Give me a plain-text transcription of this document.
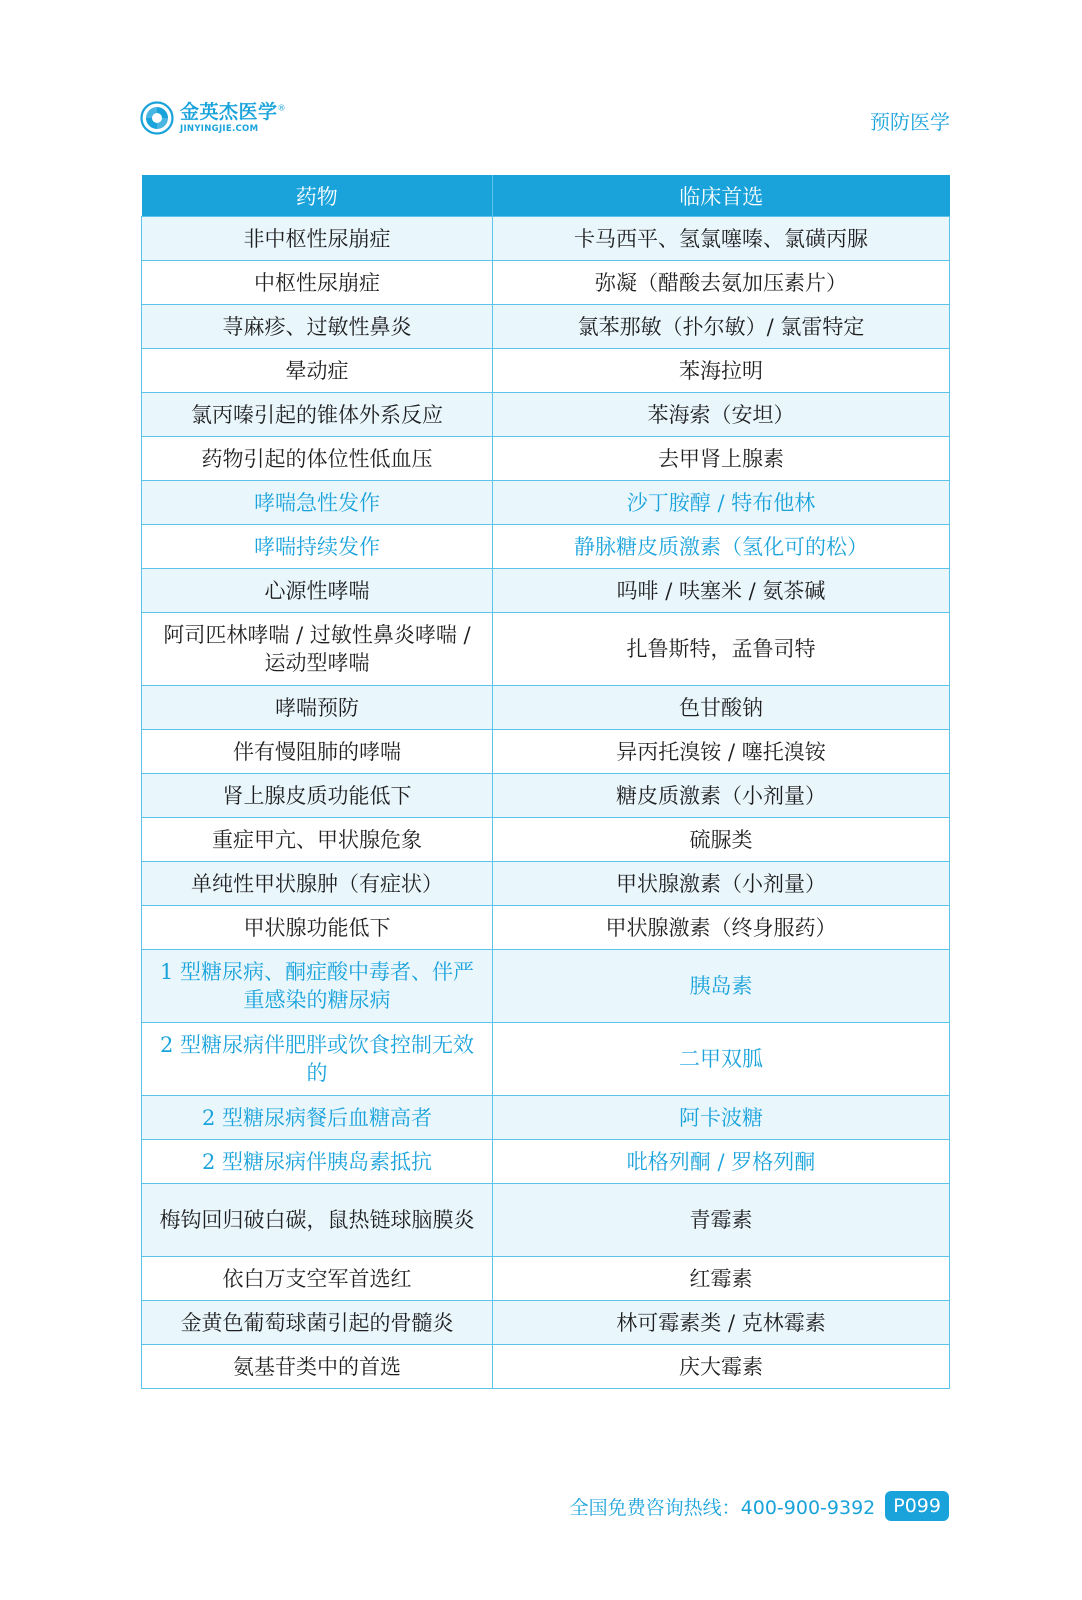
金英杰医学®
JINYINGJIE.COM	预防医学
药物	临床首选
非中枢性尿崩症	卡马西平、氢氯噻嗪、氯磺丙脲
中枢性尿崩症	弥凝（醋酸去氨加压素片）
荨麻疹、过敏性鼻炎	氯苯那敏（扑尔敏）/ 氯雷特定
晕动症	苯海拉明
氯丙嗪引起的锥体外系反应	苯海索（安坦）
药物引起的体位性低血压	去甲肾上腺素
哮喘急性发作	沙丁胺醇 / 特布他林
哮喘持续发作	静脉糖皮质激素（氢化可的松）
心源性哮喘	吗啡 / 呋塞米 / 氨茶碱
阿司匹林哮喘 / 过敏性鼻炎哮喘 / 运动型哮喘	扎鲁斯特，孟鲁司特
哮喘预防	色甘酸钠
伴有慢阻肺的哮喘	异丙托溴铵 / 噻托溴铵
肾上腺皮质功能低下	糖皮质激素（小剂量）
重症甲亢、甲状腺危象	硫脲类
单纯性甲状腺肿（有症状）	甲状腺激素（小剂量）
甲状腺功能低下	甲状腺激素（终身服药）
1 型糖尿病、酮症酸中毒者、伴严重感染的糖尿病	胰岛素
2 型糖尿病伴肥胖或饮食控制无效的	二甲双胍
2 型糖尿病餐后血糖高者	阿卡波糖
2 型糖尿病伴胰岛素抵抗	吡格列酮 / 罗格列酮
梅钩回归破白碳，鼠热链球脑膜炎	青霉素
依白万支空军首选红	红霉素
金黄色葡萄球菌引起的骨髓炎	林可霉素类 / 克林霉素
氨基苷类中的首选	庆大霉素
全国免费咨询热线：400-900-9392 P099
